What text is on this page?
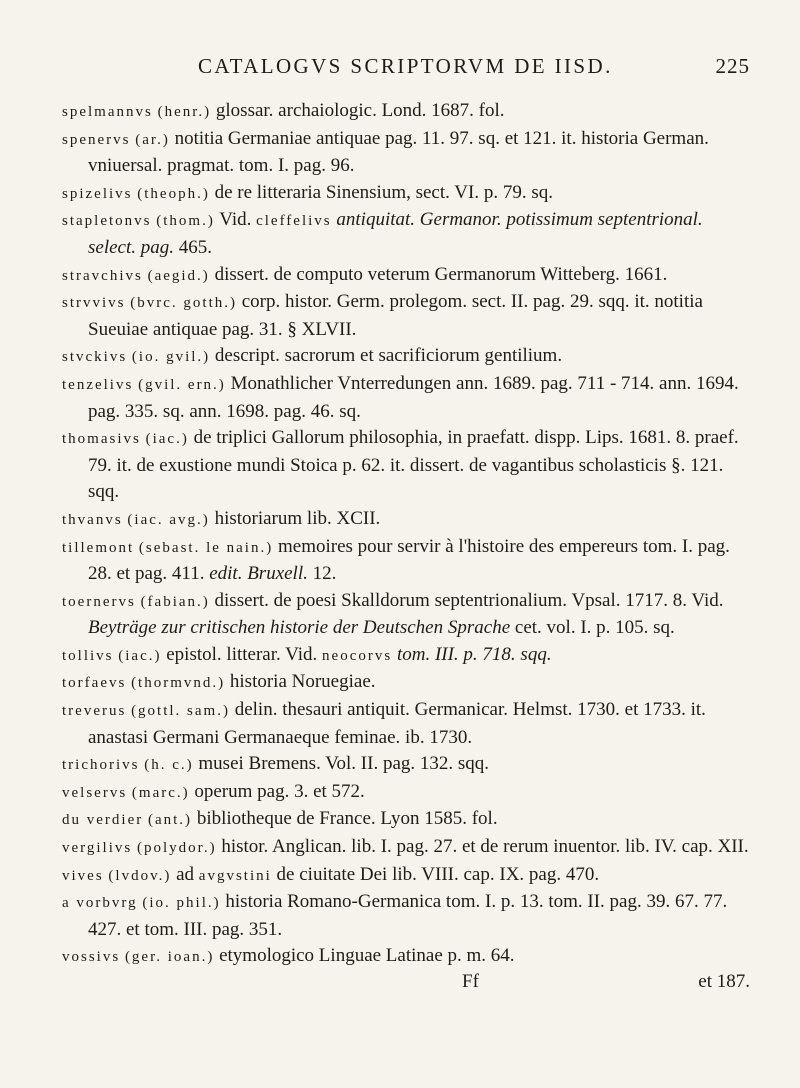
CATALOGVS SCRIPTORVM DE IISD.	225

spelmannvs (henr.) glossar. archaiologic. Lond. 1687. fol.

spenervs (ar.) notitia Germaniae antiquae pag. 11. 97. sq. et 121. it. historia German. vniuersal. pragmat. tom. I. pag. 96.

spizelivs (theoph.) de re litteraria Sinensium, sect. VI. p. 79. sq.

stapletonvs (thom.) Vid. cleffelivs antiquitat. Germanor. potissimum septentrional. select. pag. 465.

stravchivs (aegid.) dissert. de computo veterum Germanorum Witteberg. 1661.

strvvivs (bvrc. gotth.) corp. histor. Germ. prolegom. sect. II. pag. 29. sqq. it. notitia Sueuiae antiquae pag. 31. § XLVII.

stvckivs (io. gvil.) descript. sacrorum et sacrificiorum gentilium.

tenzelivs (gvil. ern.) Monathlicher Vnterredungen ann. 1689. pag. 711 - 714. ann. 1694. pag. 335. sq. ann. 1698. pag. 46. sq.

thomasivs (iac.) de triplici Gallorum philosophia, in praefatt. dispp. Lips. 1681. 8. praef. 79. it. de exustione mundi Stoica p. 62. it. dissert. de vagantibus scholasticis §. 121. sqq.

thvanvs (iac. avg.) historiarum lib. XCII.

tillemont (sebast. le nain.) memoires pour servir à l'histoire des empereurs tom. I. pag. 28. et pag. 411. edit. Bruxell. 12.

toernervs (fabian.) dissert. de poesi Skalldorum septentrionalium. Vpsal. 1717. 8. Vid. Beyträge zur critischen historie der Deutschen Sprache cet. vol. I. p. 105. sq.

tollivs (iac.) epistol. litterar. Vid. neocorvs tom. III. p. 718. sqq.

torfaevs (thormvnd.) historia Noruegiae.

treverus (gottl. sam.) delin. thesauri antiquit. Germanicar. Helmst. 1730. et 1733. it. anastasi Germani Germanaeque feminae. ib. 1730.

trichorivs (h. c.) musei Bremens. Vol. II. pag. 132. sqq.

velservs (marc.) operum pag. 3. et 572.

du verdier (ant.) bibliotheque de France. Lyon 1585. fol.

vergilivs (polydor.) histor. Anglican. lib. I. pag. 27. et de rerum inuentor. lib. IV. cap. XII.

vives (lvdov.) ad avgvstini de ciuitate Dei lib. VIII. cap. IX. pag. 470.

a vorbvrg (io. phil.) historia Romano-Germanica tom. I. p. 13. tom. II. pag. 39. 67. 77. 427. et tom. III. pag. 351.

vossivs (ger. ioan.) etymologico Linguae Latinae p. m. 64.

Ff	et 187.
